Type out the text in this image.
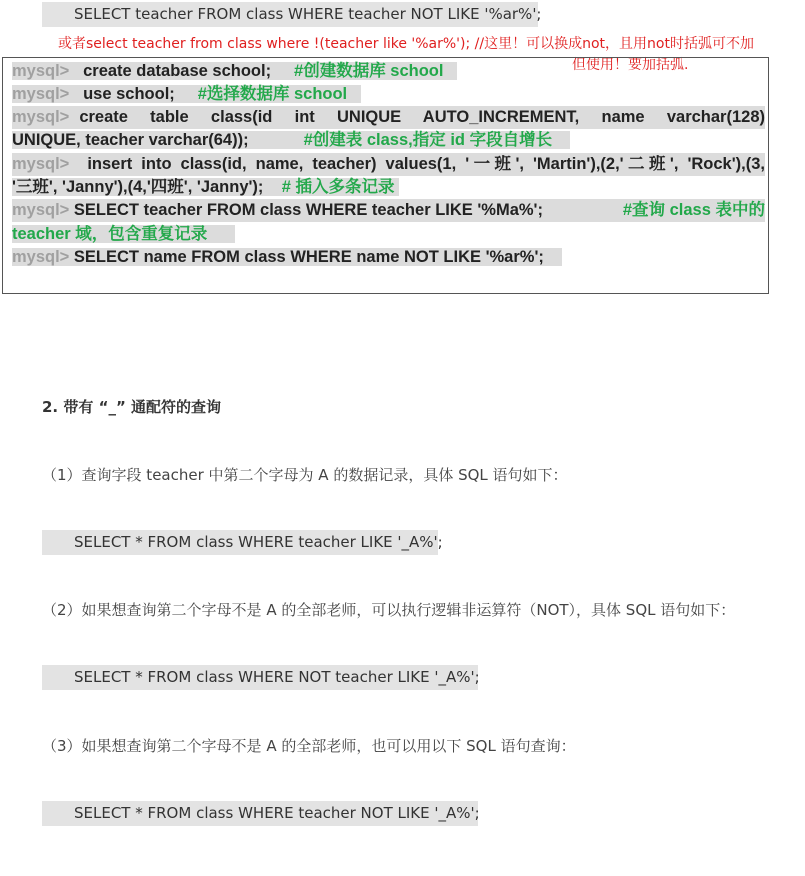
SELECT teacher FROM class WHERE teacher NOT LIKE '%ar%';
或者select teacher from class where !(teacher like '%ar%'); //这里！可以换成not，且用not时括弧可不加
但使用！要加括弧.
mysql> create database school; #创建数据库 school
mysql> use school; #选择数据库 school
mysql> create table class(id int UNIQUE AUTO_INCREMENT, name varchar(128)
UNIQUE, teacher varchar(64));	#创建表 class,指定 id 字段自增长
mysql> insert into class(id, name, teacher) values(1, '一班', 'Martin'),(2,'二班', 'Rock'),(3,
'三班', 'Janny'),(4,'四班', 'Janny'); # 插入多条记录
mysql> SELECT teacher FROM class WHERE teacher LIKE '%Ma%';	#查询 class 表中的
teacher 域，包含重复记录
mysql> SELECT name FROM class WHERE name NOT LIKE '%ar%';
2. 带有 “_” 通配符的查询
（1）查询字段 teacher 中第二个字母为 A 的数据记录，具体 SQL 语句如下：
SELECT * FROM class WHERE teacher LIKE '_A%';
（2）如果想查询第二个字母不是 A 的全部老师，可以执行逻辑非运算符（NOT），具体 SQL 语句如下：
SELECT * FROM class WHERE NOT teacher LIKE '_A%';
（3）如果想查询第二个字母不是 A 的全部老师，也可以用以下 SQL 语句查询：
SELECT * FROM class WHERE teacher NOT LIKE '_A%';
